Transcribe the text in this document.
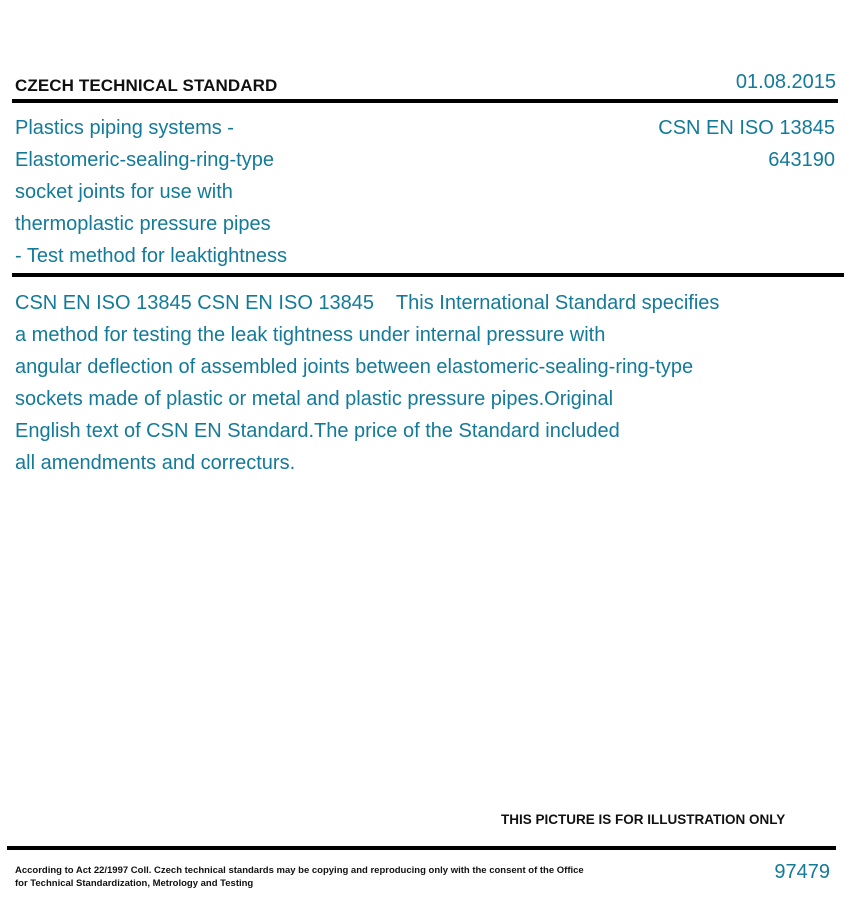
CZECH TECHNICAL STANDARD	01.08.2015
Plastics piping systems -
Elastomeric-sealing-ring-type
socket joints for use with
thermoplastic pressure pipes
- Test method for leaktightness
CSN EN ISO 13845
643190
CSN EN ISO 13845 CSN EN ISO 13845    This International Standard specifies
a method for testing the leak tightness under internal pressure with
angular deflection of assembled joints between elastomeric-sealing-ring-type
sockets made of plastic or metal and plastic pressure pipes.Original
English text of CSN EN Standard.The price of the Standard included
all amendments and correcturs.
THIS PICTURE IS FOR ILLUSTRATION ONLY
According to Act 22/1997 Coll. Czech technical standards may be copying and reproducing only with the consent of the Office
for Technical Standardization, Metrology and Testing
97479
